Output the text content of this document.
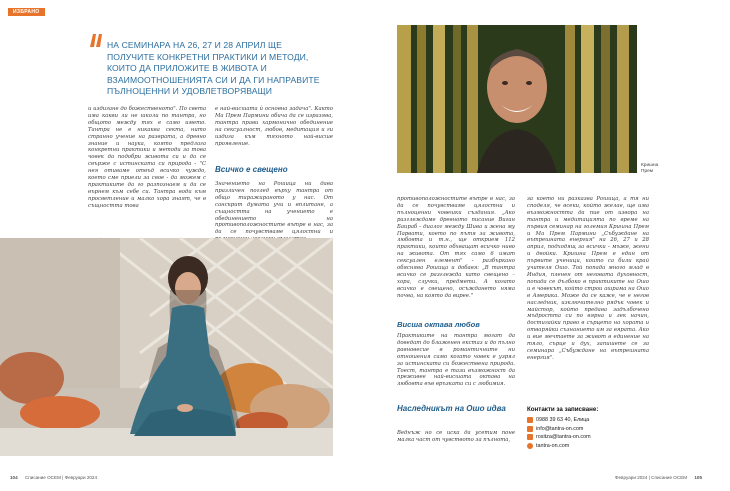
ИЗБРАНО
НА СЕМИНАРА НА 26, 27 И 28 АПРИЛ ЩЕ ПОЛУЧИТЕ КОНКРЕТНИ ПРАКТИКИ И МЕТОДИ, КОИТО ДА ПРИЛОЖИТЕ В ЖИВОТА И ВЗАИМООТНОШЕНИЯТА СИ И ДА ГИ НАПРАВИТЕ ПЪЛНОЦЕННИ И УДОВЛЕТВОРЯВАЩИ
и издигане до божественото". По света има какви ли не школи по тантра, но общото между тях е само името. Тантра не е никаква секта, нито странно учение на разврата, а древно знание и наука, която предлага конкретни практики и методи за това човек да подобри живота си и да се свърже с истинската си природа - "С нея отиваме отвъд всичко чуждо, което сме приели за свое - да можем с практиките да го разпознаем и да се върнем към себе си. Тантра води към просветление и малко хора знаят, че в същността това
е най-висшата ѝ основна задача". Както Ма Прем Пармини обича да се изразява, тантра прави хармонично обединение на сексуалност, любов, медитация и ги издига към тяхното най-висше проявление.
Всичко е свещено
Значението на Рошица ни дава празличен поглед върху тантра от общо тиражираното у нас. От санскрит думата учи и вплитане, а същността на учението е обединението на противоположностите вътре в нас, за да се почувстваме цялостни и
Кришна Прем
противоположностите вътре в нас, за да се почувстваме цялостни и пълноценни човешки създания. „Ако разглеждаме древното писание Виган Баираб - диалог между Шива и жена му Парвати, което по пътя за живота, любовта и т.н., ще открием 112 практики, които обхващат всичко ниво на живота. От тях само 6 имат сексуален елемент" - разбъркано обяснява Рошица и добавя: „В тантра всичко се разглежда като свещено – хора, случки, предмети. А когато всичко е свещено, осъждането няма почва, на която да вирее."
Висша октава любов
Практиките на тантра могат да доведат до блаженен екстаз и до пълно равновесие в романтичните ни отношения само когато човек е узрял за истинската си божествена природа. Тоест, тантра е тази възможност да преживее най-висшата октава на любовта във връзката си с любимия.
Наследникът на Ошо идва
Веднъж но се иска да усетим поне малка част от чувството за пълнота,
за което ни разказва Рошица, а тя ни споделя, че всеки, който желае, ще има възможността да пие от извора на тантра и медитацията по време на първия семинар на големия Кришна Прем и Ма Прем Пармини „Събуждане на вътрешната енергия" на 26, 27 и 28 април, подходящ за всички - мъже, жени и двойки. Кришна Прем е един от първите ученици, които са били край учителя Ошо. Той попада много млад в Индия, пленен от неговата духовност, попада се дълбоко в практиките на Ошо и е човекът, който строи ашрама на Ошо в Америка. Може да се каже, че е негов наследник, изключително рядък човек и майстор, който предава задълбочено мъдростта си по вярна и лек начин, достигайки право в сърцето на хората и отваряйки съзнанието им за вярата. Ако и вие мечтаете за живот в единение на тяло, сърце и дух, запишете се за семинара „Събуждане на вътрешната енергия".
Контакти за записване:
0988 39 63 40, Елица
info@tantra-on.com
rositza@tantra-on.com
tantra-on.com
104 Списание ОСЕМ | Февруари 2024	Февруари 2024 | Списание ОСЕМ 105
